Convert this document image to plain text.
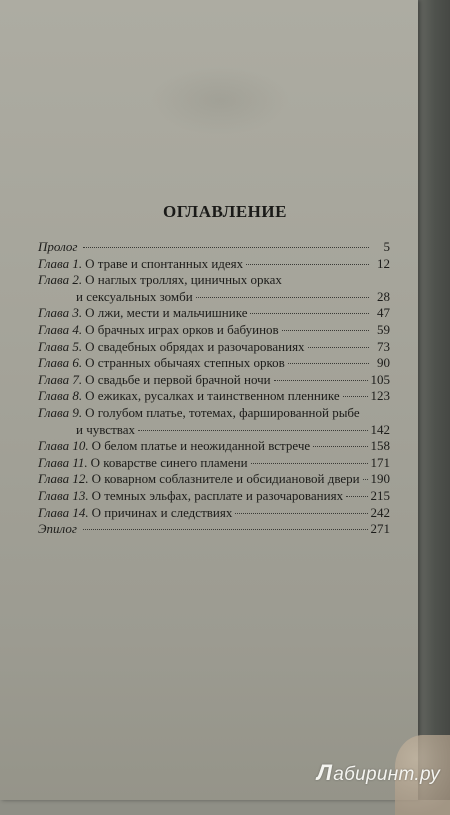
ОГЛАВЛЕНИЕ
Пролог	5
Глава 1. О траве и спонтанных идеях	12
Глава 2. О наглых троллях, циничных орках
и сексуальных зомби	28
Глава 3. О лжи, мести и мальчишнике	47
Глава 4. О брачных играх орков и бабуинов	59
Глава 5. О свадебных обрядах и разочарованиях	73
Глава 6. О странных обычаях степных орков	90
Глава 7. О свадьбе и первой брачной ночи	105
Глава 8. О ежиках, русалках и таинственном пленнике 123
Глава 9. О голубом платье, тотемах, фаршированной рыбе
и чувствах	142
Глава 10. О белом платье и неожиданной встрече	158
Глава 11. О коварстве синего пламени	171
Глава 12. О коварном соблазнителе и обсидиановой двери 190
Глава 13. О темных эльфах, расплате и разочарованиях 215
Глава 14. О причинах и следствиях	242
Эпилог	271
Лабиринт.ру
